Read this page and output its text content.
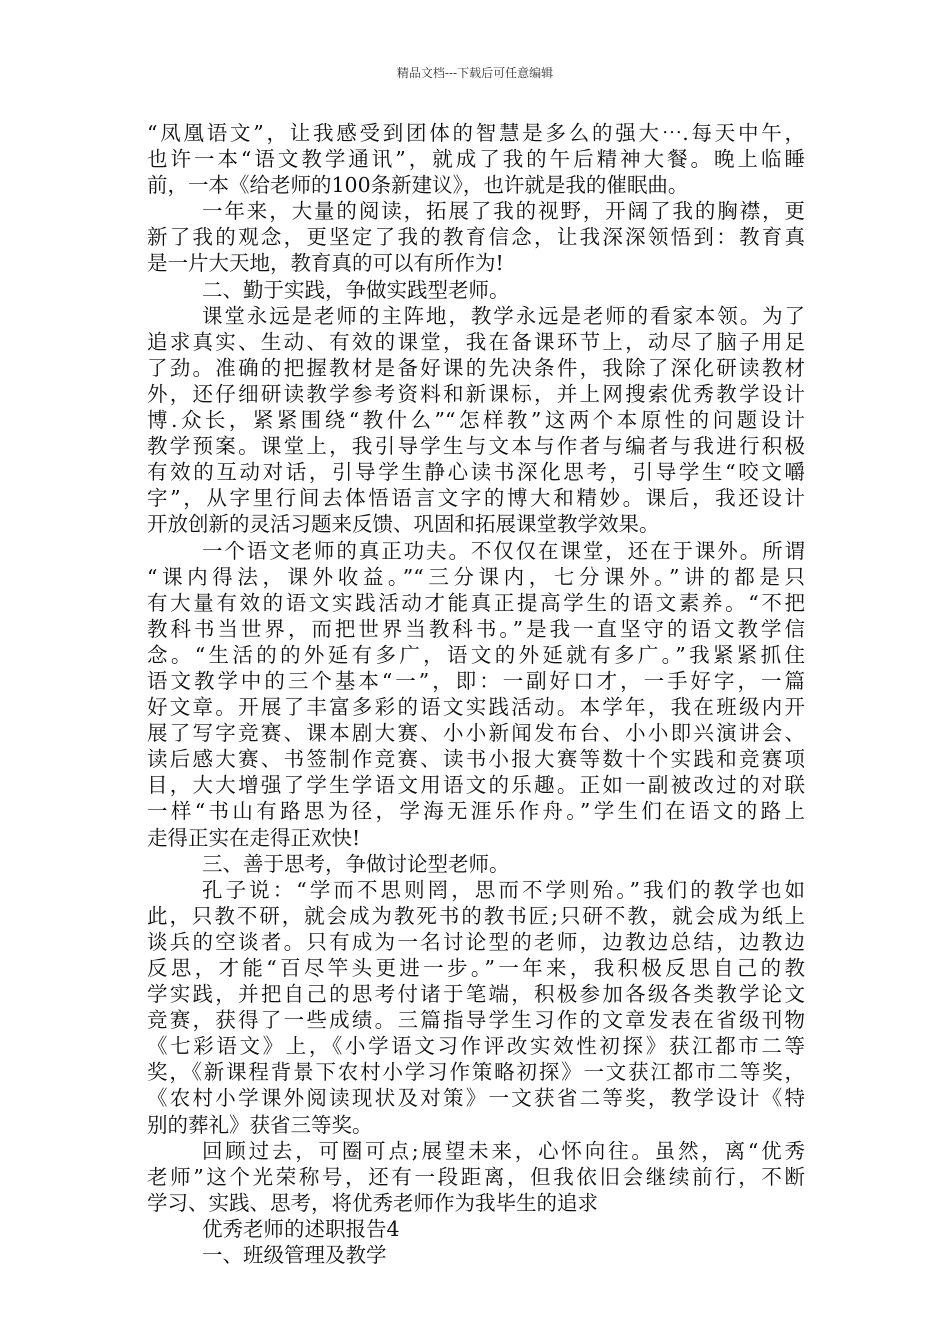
精品文档---下载后可任意编辑
“凤凰语文”，让我感受到团体的智慧是多么的强大⋯.每天中午，
也许一本“语文教学通讯”，就成了我的午后精神大餐。晚上临睡
前，一本《给老师的100条新建议》，也许就是我的催眠曲。
一年来，大量的阅读，拓展了我的视野，开阔了我的胸襟，更
新了我的观念，更坚定了我的教育信念，让我深深领悟到：教育真
是一片大天地，教育真的可以有所作为!
二、勤于实践，争做实践型老师。
课堂永远是老师的主阵地，教学永远是老师的看家本领。为了
追求真实、生动、有效的课堂，我在备课环节上，动尽了脑子用足
了劲。准确的把握教材是备好课的先决条件，我除了深化研读教材
外，还仔细研读教学参考资料和新课标，并上网搜索优秀教学设计
博.众长，紧紧围绕“教什么”“怎样教”这两个本原性的问题设计
教学预案。课堂上，我引导学生与文本与作者与编者与我进行积极
有效的互动对话，引导学生静心读书深化思考，引导学生“咬文嚼
字”，从字里行间去体悟语言文字的博大和精妙。课后，我还设计
开放创新的灵活习题来反馈、巩固和拓展课堂教学效果。
一个语文老师的真正功夫。不仅仅在课堂，还在于课外。所谓
“课内得法，课外收益。”“三分课内，七分课外。”讲的都是只
有大量有效的语文实践活动才能真正提高学生的语文素养。“不把
教科书当世界，而把世界当教科书。”是我一直坚守的语文教学信
念。“生活的的外延有多广，语文的外延就有多广。”我紧紧抓住
语文教学中的三个基本“一”，即：一副好口才，一手好字，一篇
好文章。开展了丰富多彩的语文实践活动。本学年，我在班级内开
展了写字竞赛、课本剧大赛、小小新闻发布台、小小即兴演讲会、
读后感大赛、书签制作竞赛、读书小报大赛等数十个实践和竞赛项
目，大大增强了学生学语文用语文的乐趣。正如一副被改过的对联
一样“书山有路思为径，学海无涯乐作舟。”学生们在语文的路上
走得正实在走得正欢快!
三、善于思考，争做讨论型老师。
孔子说：“学而不思则罔，思而不学则殆。”我们的教学也如
此，只教不研，就会成为教死书的教书匠;只研不教，就会成为纸上
谈兵的空谈者。只有成为一名讨论型的老师，边教边总结，边教边
反思，才能“百尽竿头更进一步。”一年来，我积极反思自己的教
学实践，并把自己的思考付诸于笔端，积极参加各级各类教学论文
竞赛，获得了一些成绩。三篇指导学生习作的文章发表在省级刊物
《七彩语文》上，《小学语文习作评改实效性初探》获江都市二等
奖，《新课程背景下农村小学习作策略初探》一文获江都市二等奖，
《农村小学课外阅读现状及对策》一文获省二等奖，教学设计《特
别的葬礼》获省三等奖。
回顾过去，可圈可点;展望未来，心怀向往。虽然，离“优秀
老师”这个光荣称号，还有一段距离，但我依旧会继续前行，不断
学习、实践、思考，将优秀老师作为我毕生的追求
优秀老师的述职报告4
一、班级管理及教学
